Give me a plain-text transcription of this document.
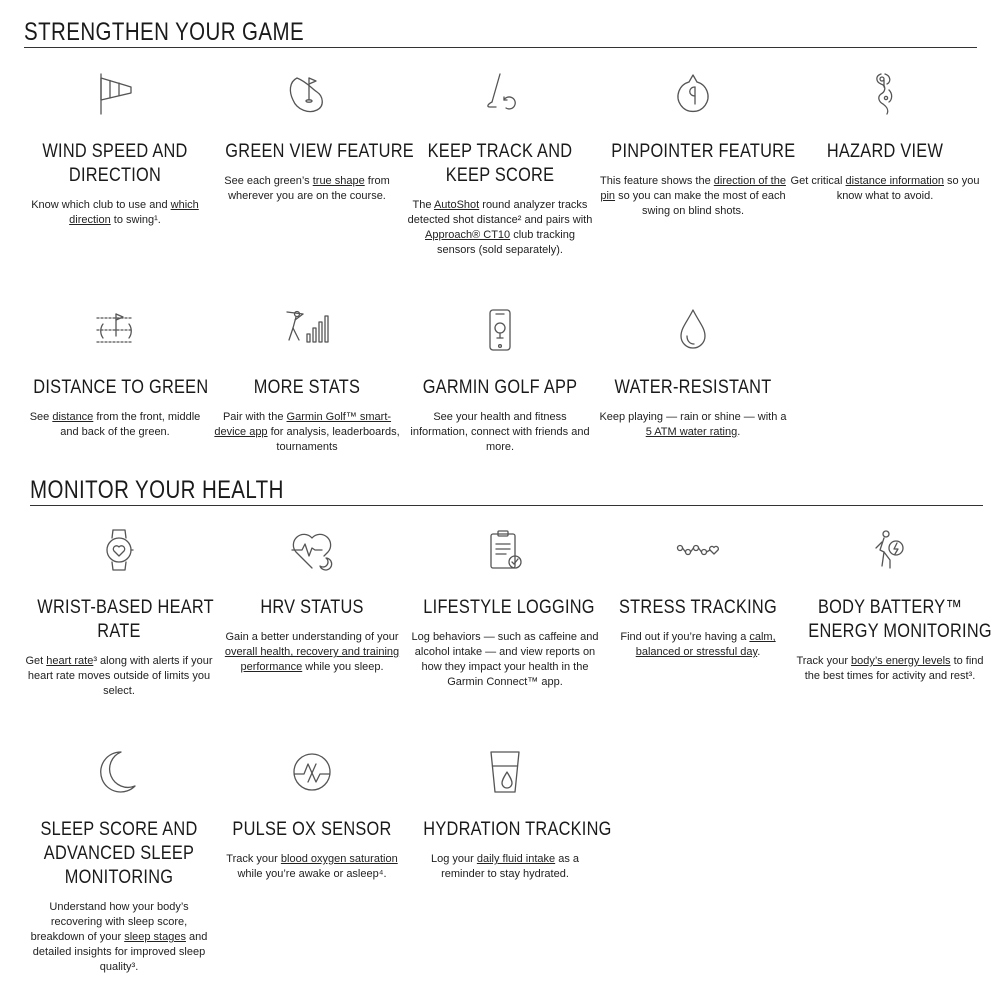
STRENGTHEN YOUR GAME
WIND SPEED AND
DIRECTION

Know which club to use and which direction to swing¹.

GREEN VIEW FEATURE

See each green’s true shape from wherever you are on the course.

KEEP TRACK AND
KEEP SCORE

The AutoShot round analyzer tracks detected shot distance² and pairs with Approach® CT10 club tracking sensors (sold separately).

PINPOINTER FEATURE

This feature shows the direction of the pin so you can make the most of each swing on blind shots.

HAZARD VIEW

Get critical distance information so you know what to avoid.

DISTANCE TO GREEN

See distance from the front, middle and back of the green.

MORE STATS

Pair with the Garmin Golf™ smart-device app for analysis, leaderboards, tournaments

GARMIN GOLF APP

See your health and fitness information, connect with friends and more.

WATER-RESISTANT

Keep playing — rain or shine — with a 5 ATM water rating.

MONITOR YOUR HEALTH
WRIST-BASED HEART
RATE

Get heart rate³ along with alerts if your heart rate moves outside of limits you select.

HRV STATUS

Gain a better understanding of your overall health, recovery and training performance while you sleep.

LIFESTYLE LOGGING

Log behaviors — such as caffeine and alcohol intake — and view reports on how they impact your health in the Garmin Connect™ app.

STRESS TRACKING

Find out if you’re having a calm, balanced or stressful day.

BODY BATTERY™
ENERGY MONITORING

Track your body’s energy levels to find the best times for activity and rest³.

SLEEP SCORE AND
ADVANCED SLEEP
MONITORING

Understand how your body’s recovering with sleep score, breakdown of your sleep stages and detailed insights for improved sleep quality³.

PULSE OX SENSOR

Track your blood oxygen saturation while you’re awake or asleep⁴.

HYDRATION TRACKING

Log your daily fluid intake as a reminder to stay hydrated.
